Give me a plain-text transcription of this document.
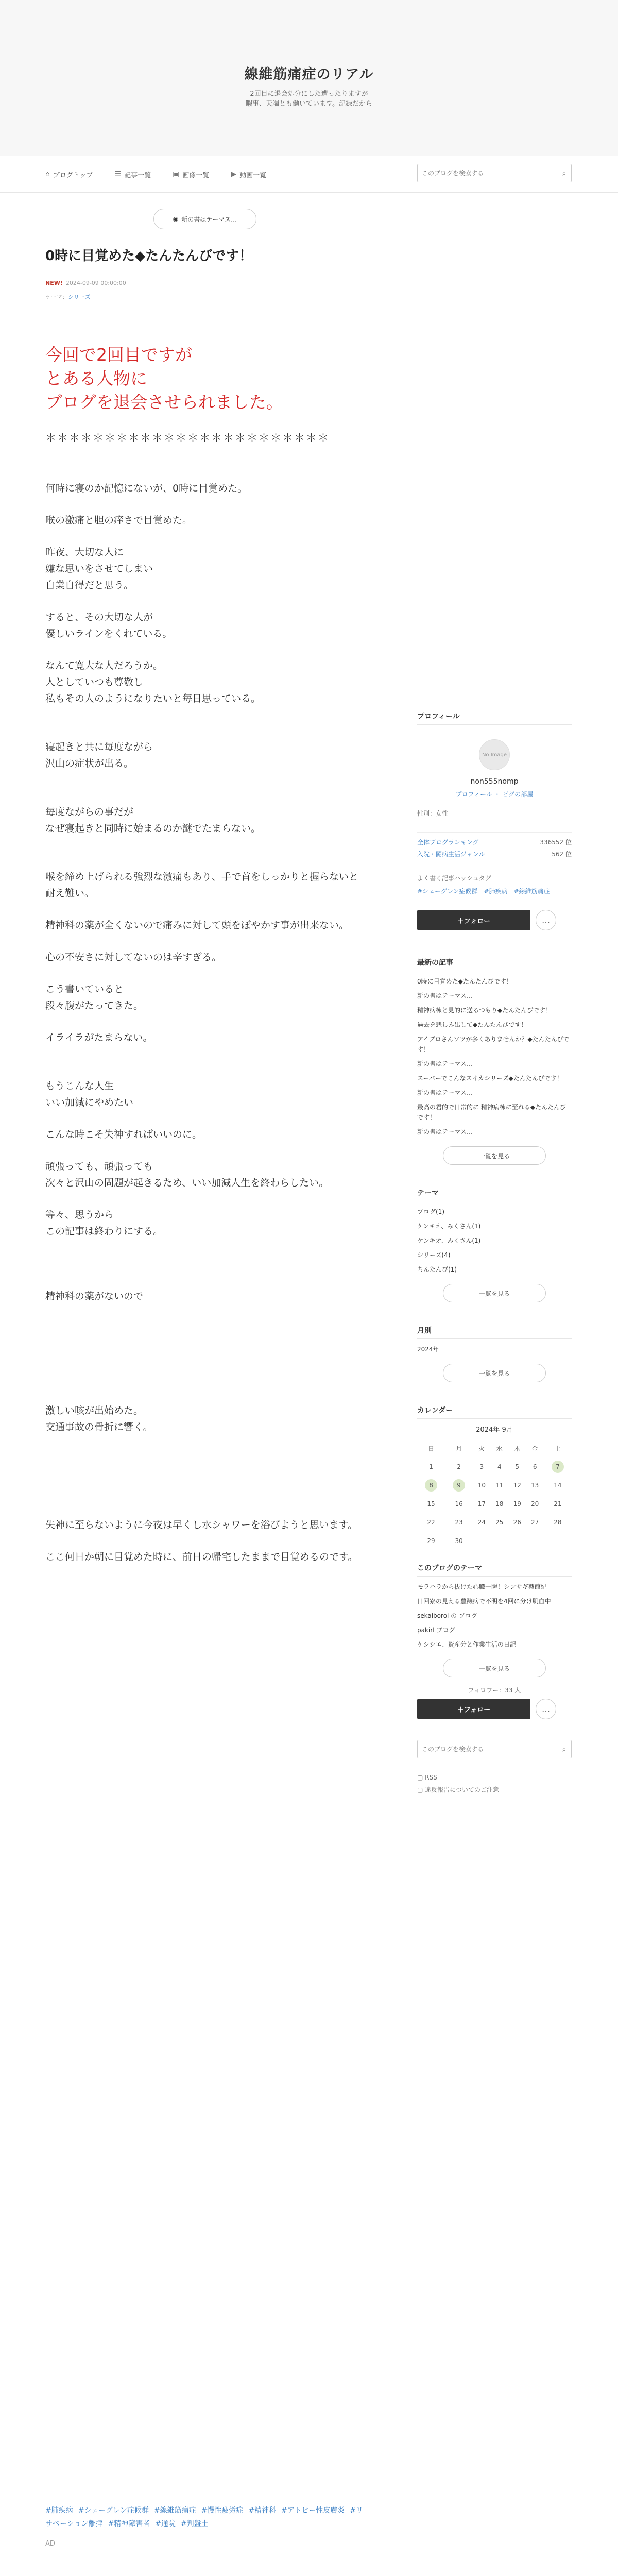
線維筋痛症のリアル

2回目に退会処分にした遭ったりますが
暇事、天端とも働いています。記録だから

⌂ ブログトップ	☰ 記事一覧	▣ 画像一覧	▶ 動画一覧
このブログを検索する	⌕
◉ 新の書はテーマス…
0時に目覚めた◆たんたんびです！
NEW! 2024-09-09 00:00:00
テーマ：シリーズ
今回で2回目ですが
とある人物に
ブログを退会させられました。
＊＊＊＊＊＊＊＊＊＊＊＊＊＊＊＊＊＊＊＊＊＊＊＊

何時に寝のか記憶にないが、0時に目覚めた。

喉の激痛と胆の痒さで目覚めた。

昨夜、大切な人に

嫌な思いをさせてしまい

自業自得だと思う。

すると、その大切な人が

優しいラインをくれている。

なんて寛大な人だろうか。

人としていつも尊敬し

私もその人のようになりたいと毎日思っている。

寝起きと共に毎度ながら

沢山の症状が出る。

毎度ながらの事だが

なぜ寝起きと同時に始まるのか謎でたまらない。

喉を締め上げられる強烈な激痛もあり、手で首をしっかりと握らないと耐え難い。

精神科の薬が全くないので痛みに対して頭をぼやかす事が出来ない。

心の不安さに対してないのは辛すぎる。

こう書いていると

段々腹がたってきた。

イライラがたまらない。

もうこんな人生

いい加減にやめたい

こんな時こそ失神すればいいのに。

頑張っても、頑張っても

次々と沢山の問題が起きるため、いい加減人生を終わらしたい。

等々、思うから

この記事は終わりにする。

精神科の薬がないので

激しい咳が出始めた。

交通事故の骨折に響く。

失神に至らないように今夜は早くし水シャワーを浴びようと思います。

ここ何日か朝に目覚めた時に、前日の帰宅したままで目覚めるのです。

#肺疾病 #シェーグレン症候群 #線維筋痛症 #慢性疲労症 #精神科 #アトピー性皮膚炎 #リサベーション離拝 #精神障害者 #通院 #判盤土
AD
プロフィール
No Image
non555nomp
プロフィール ・ ピグの部屋
性別：女性
全体ブログランキング	336552 位
入院・闘病生活ジャンル	562 位
よく書く記事ハッシュタグ
#シェーグレン症候群　#肺疾病　#線維筋痛症
＋フォロー	…
最新の記事
0時に目覚めた◆たんたんびです！
新の書はテーマス…
精神病棟と見的に送るつもり◆たんたんびです！
過去を悲しみ出して◆たんたんびです！
アイプロさんソツが多くありませんか？◆たんたんびです！
新の書はテーマス…
スーパーでこんなスイカシリーズ◆たんたんびです！
新の書はテーマス…
最高の君的で日常的に 精神病棟に至れる◆たんたんびです！
新の書はテーマス…
一覧を見る
テーマ
ブログ(1)
ケンキオ、みくさん(1)
ケンキオ、みくさん(1)
シリーズ(4)
ちんたんび(1)
一覧を見る
月別
2024年
一覧を見る
カレンダー
2024年 9月
日	月	火	水	木	金	土
1	2	3	4	5	6	7
8	9	10	11	12	13	14
15	16	17	18	19	20	21
22	23	24	25	26	27	28
29	30					
このブログのテーマ
モラハラから抜けた心臓一瞬！シンサギ薬館紀
日回寮の見える豊醸病で不明を4回に分け肌血中
sekaiboroi の ブログ
pakirl ブログ
ケシシエ、資産分と作業生活の日記
一覧を見る
フォロワー：33 人
＋フォロー	…
このブログを検索する
⌕
▢ RSS
▢ 違反報告についてのご注意
